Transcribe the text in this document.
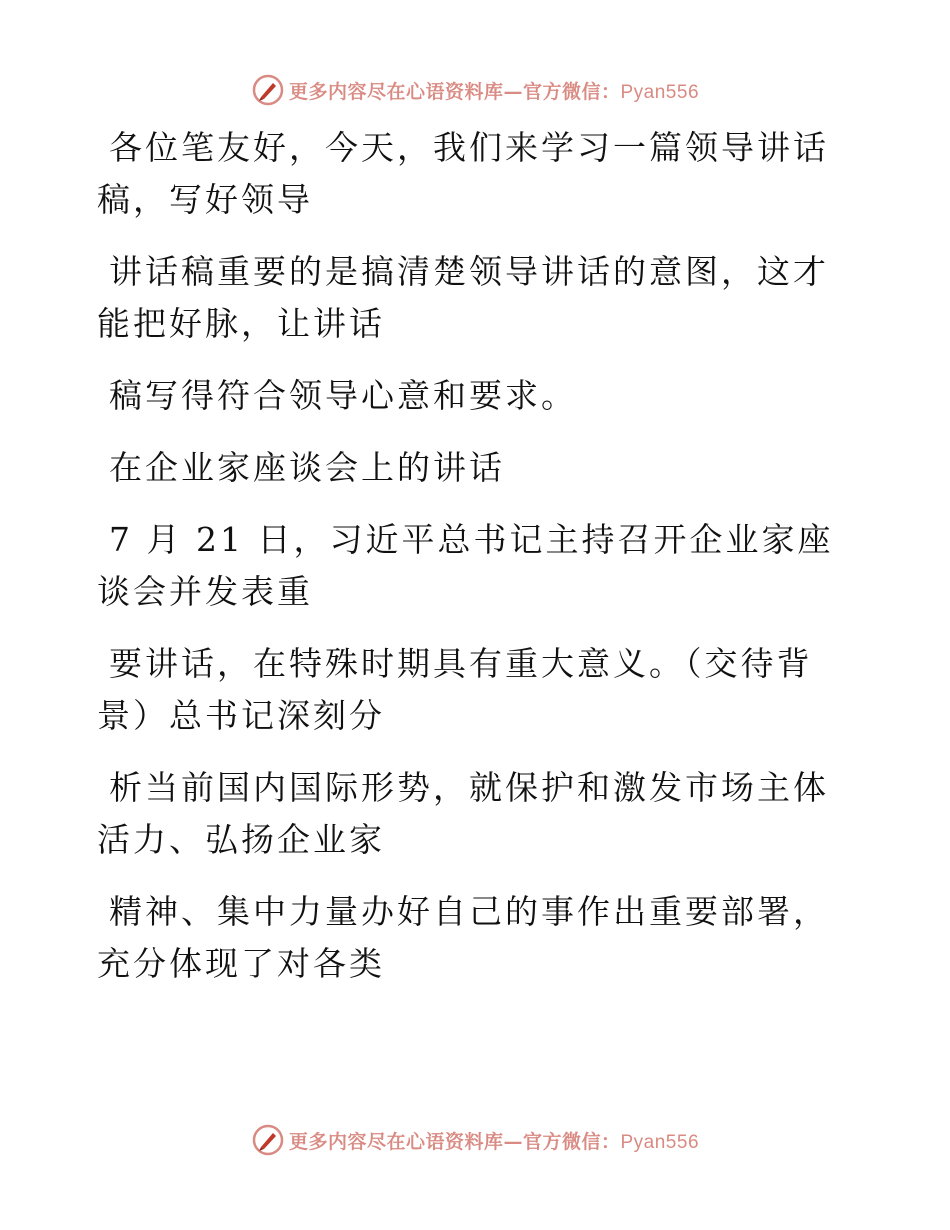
更多内容尽在心语资料库—官方微信：Pyan556

各位笔友好，今天，我们来学习一篇领导讲话稿，写好领导

讲话稿重要的是搞清楚领导讲话的意图，这才能把好脉，让讲话

稿写得符合领导心意和要求。

在企业家座谈会上的讲话

7 月 21 日，习近平总书记主持召开企业家座谈会并发表重

要讲话，在特殊时期具有重大意义。（交待背景）总书记深刻分

析当前国内国际形势，就保护和激发市场主体活力、弘扬企业家

精神、集中力量办好自己的事作出重要部署，充分体现了对各类

更多内容尽在心语资料库—官方微信：Pyan556
